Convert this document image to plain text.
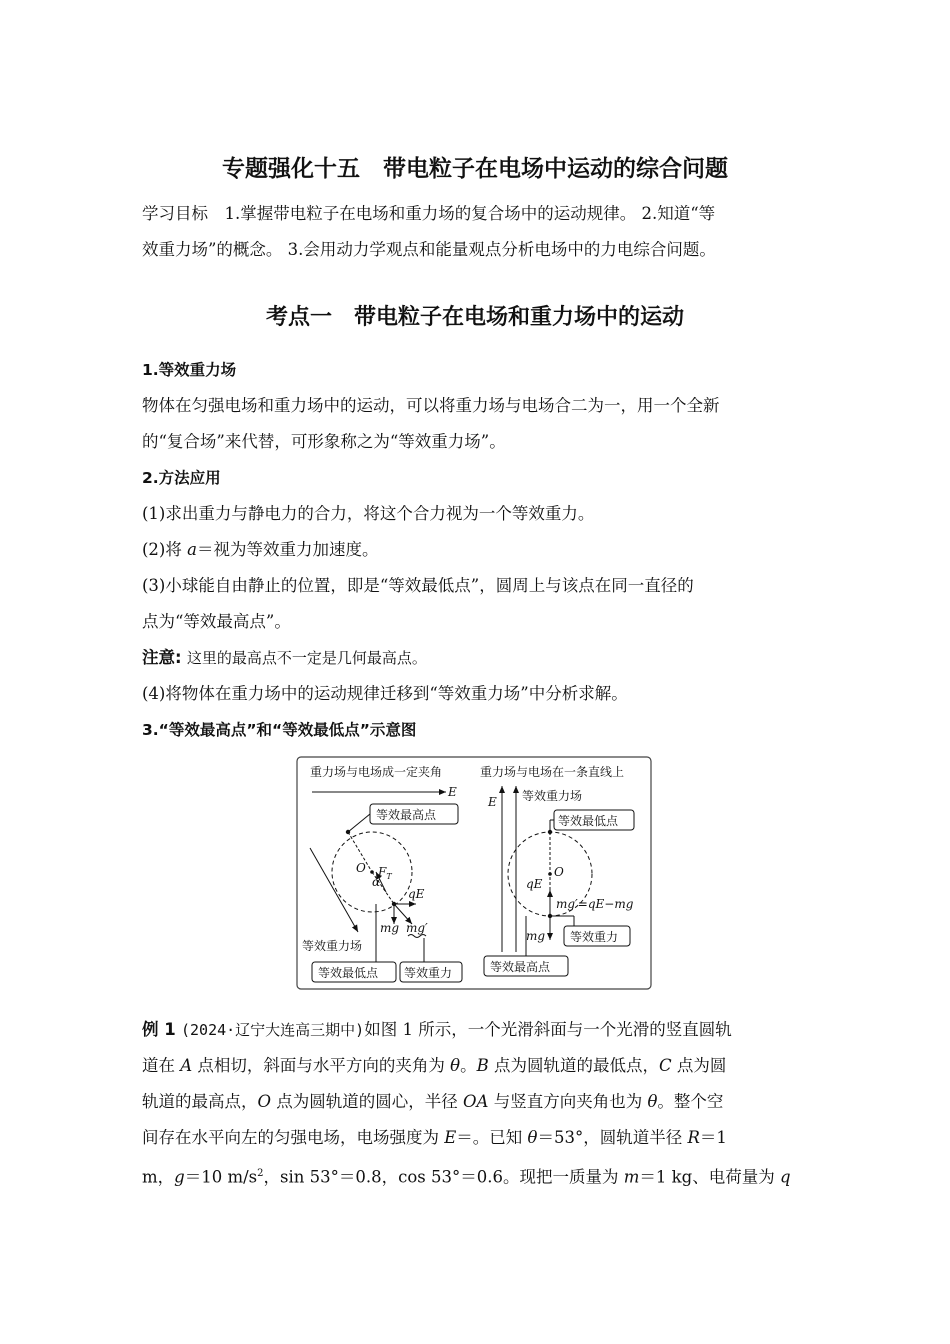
专题强化十五　带电粒子在电场中运动的综合问题
学习目标　 1.掌握带电粒子在电场和重力场的复合场中的运动规律。 2.知道“等
效重力场”的概念。 3.会用动力学观点和能量观点分析电场中的力电综合问题。
考点一　带电粒子在电场和重力场中的运动
1.等效重力场
物体在匀强电场和重力场中的运动，可以将重力场与电场合二为一，用一个全新
的“复合场”来代替，可形象称之为“等效重力场”。
2.方法应用
(1)求出重力与静电力的合力，将这个合力视为一个等效重力。
(2)将 a＝视为等效重力加速度。
(3)小球能自由静止的位置，即是“等效最低点”，圆周上与该点在同一直径的
点为“等效最高点”。
注意: 这里的最高点不一定是几何最高点。
(4)将物体在重力场中的运动规律迁移到“等效重力场”中分析求解。
3.“等效最高点”和“等效最低点”示意图
重力场与电场成一定夹角
E
等效最高点
O $F_T$
α
qE
mg mg′
等效重力场
等效最低点 等效重力
重力场与电场在一条直线上
E 等效重力场
等效最低点
O
qE
mg
mg′=qE−mg
等效重力
等效最高点
例 1 (2024·辽宁大连高三期中)如图 1 所示，一个光滑斜面与一个光滑的竖直圆轨
道在 A 点相切，斜面与水平方向的夹角为 θ。B 点为圆轨道的最低点，C 点为圆
轨道的最高点，O 点为圆轨道的圆心，半径 OA 与竖直方向夹角也为 θ。整个空
间存在水平向左的匀强电场，电场强度为 E＝。已知 θ＝53°，圆轨道半径 R＝1
m，g＝10 $m/s^2$，sin 53°＝0.8，cos 53°＝0.6。现把一质量为 m＝1 kg、电荷量为 q
